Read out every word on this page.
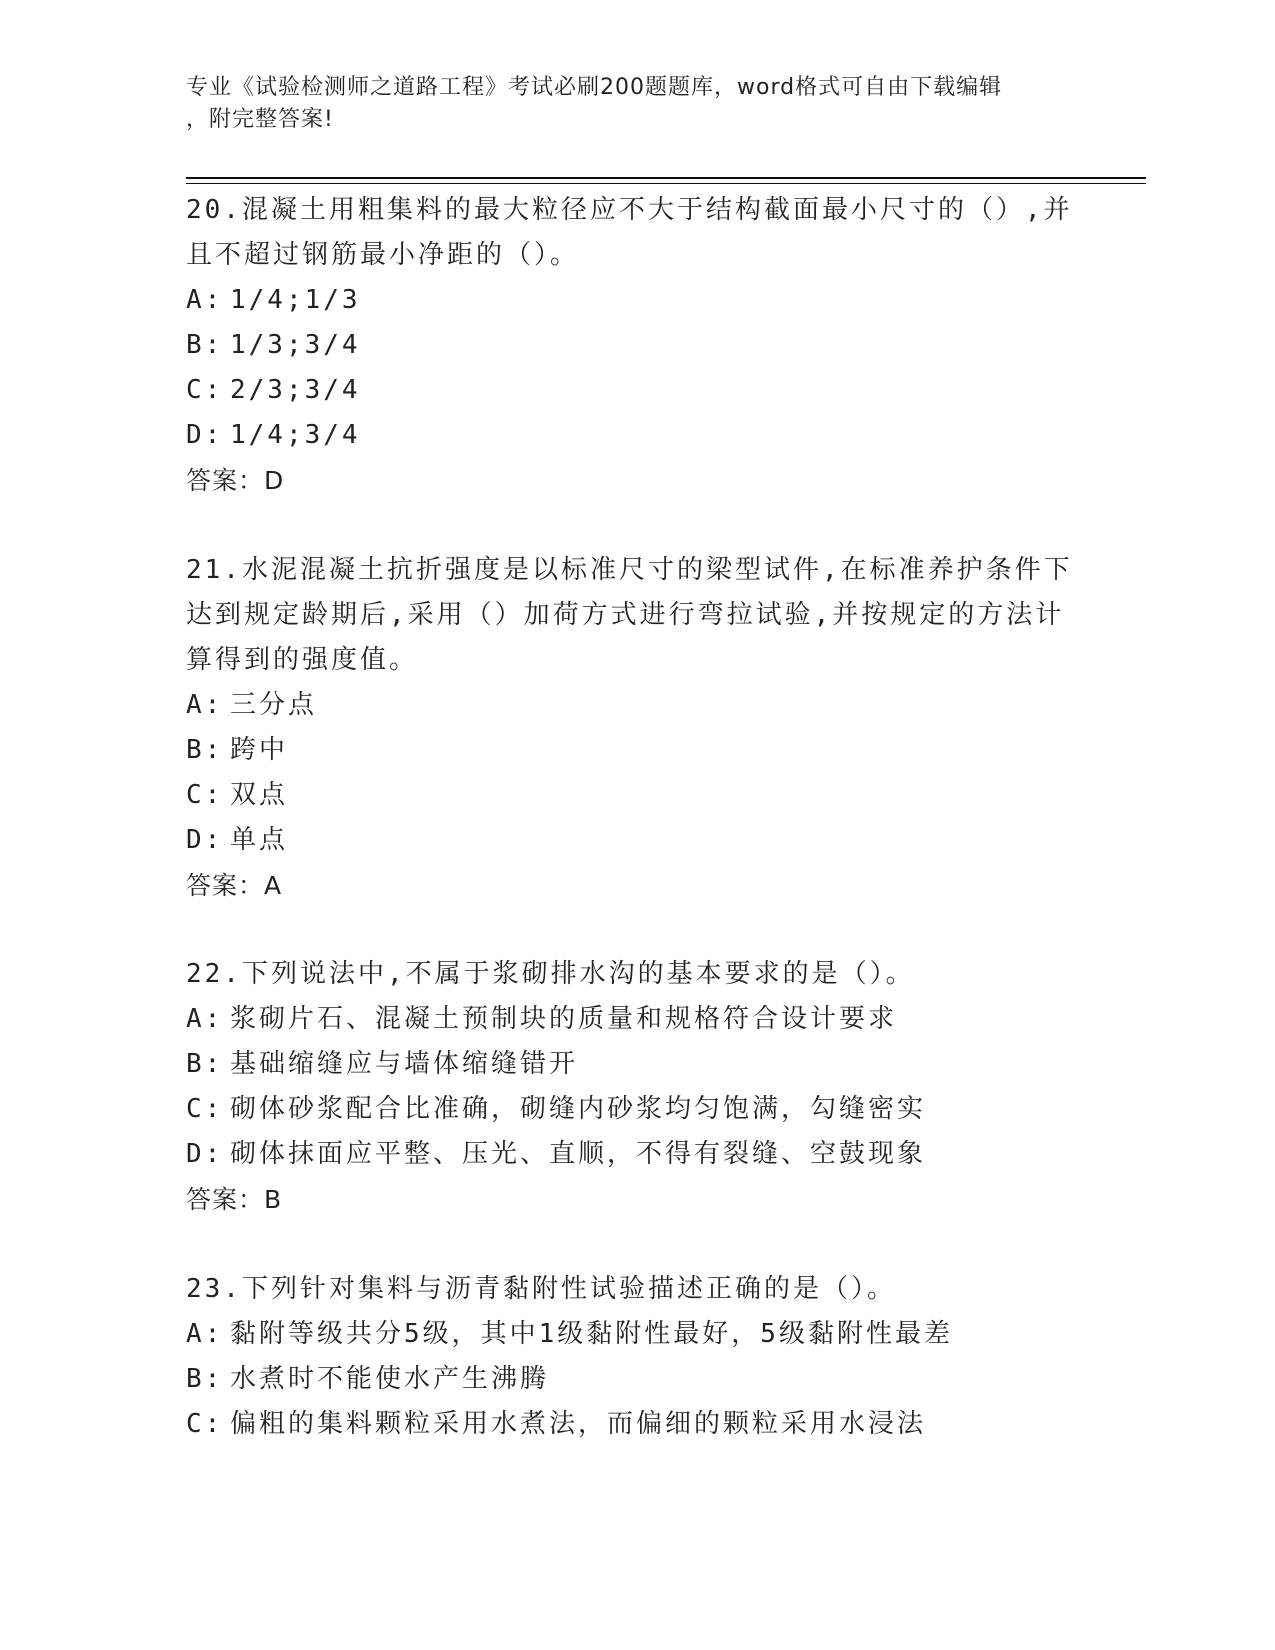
专业《试验检测师之道路工程》考试必刷200题题库，word格式可自由下载编辑
，附完整答案!
20.混凝土用粗集料的最大粒径应不大于结构截面最小尺寸的（）,并
且不超过钢筋最小净距的（）。
A: 1/4;1/3
B: 1/3;3/4
C: 2/3;3/4
D: 1/4;3/4
答案：D
21.水泥混凝土抗折强度是以标准尺寸的梁型试件,在标准养护条件下
达到规定龄期后,采用（）加荷方式进行弯拉试验,并按规定的方法计
算得到的强度值。
A: 三分点
B: 跨中
C: 双点
D: 单点
答案：A
22.下列说法中,不属于浆砌排水沟的基本要求的是（）。
A: 浆砌片石、混凝土预制块的质量和规格符合设计要求
B: 基础缩缝应与墙体缩缝错开
C: 砌体砂浆配合比准确，砌缝内砂浆均匀饱满，勾缝密实
D: 砌体抹面应平整、压光、直顺，不得有裂缝、空鼓现象
答案：B
23.下列针对集料与沥青黏附性试验描述正确的是（）。
A: 黏附等级共分5级，其中1级黏附性最好，5级黏附性最差
B: 水煮时不能使水产生沸腾
C: 偏粗的集料颗粒采用水煮法，而偏细的颗粒采用水浸法
